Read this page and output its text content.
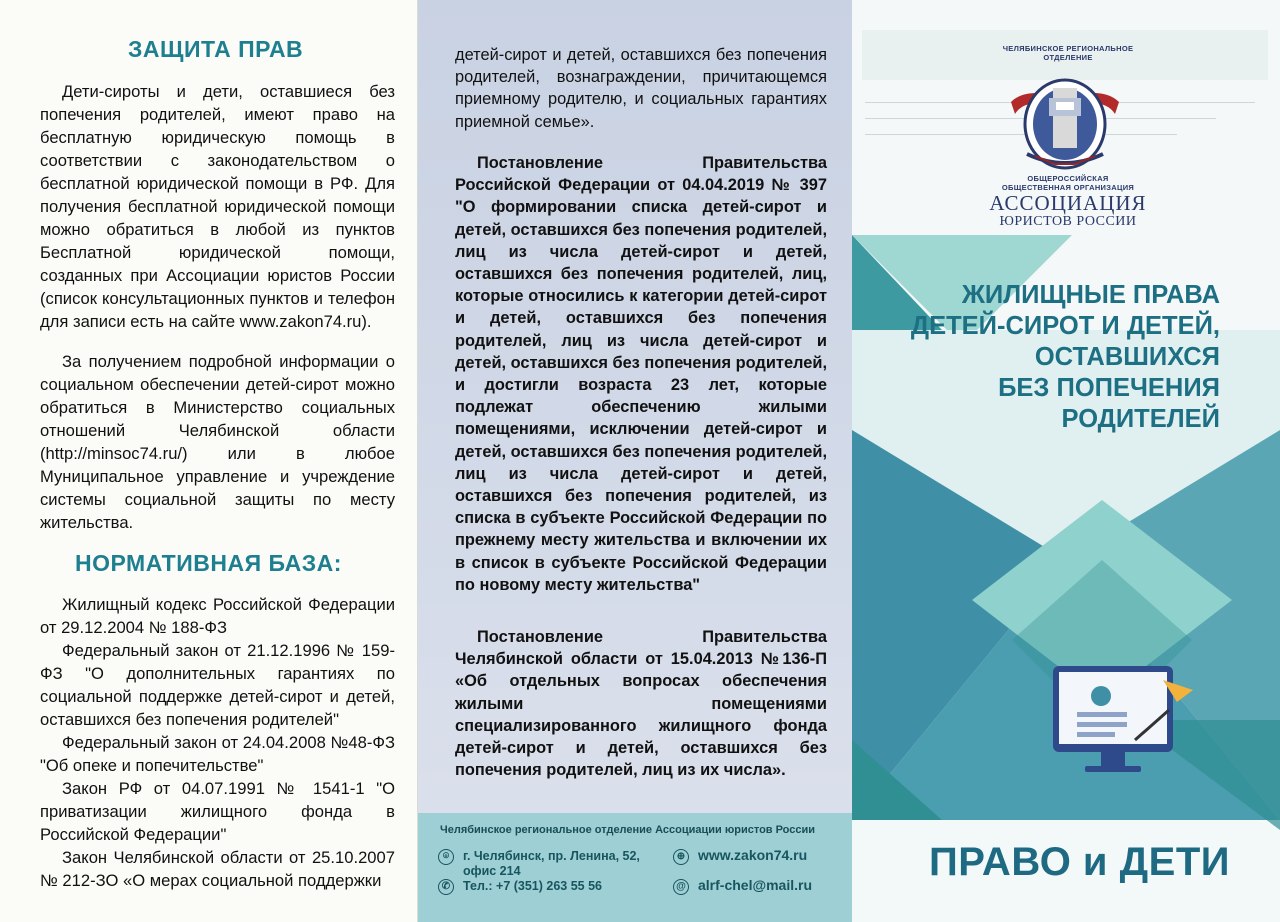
ЗАЩИТА ПРАВ

Дети-сироты и дети, оставшиеся без попечения родителей, имеют право на бесплатную юридическую помощь в соответствии с законодательством о бесплатной юридической помощи в РФ. Для получения бесплатной юридической помощи можно обратиться в любой из пунктов Бесплатной юридической помощи, созданных при Ассоциации юристов России (список консультационных пунктов и телефон для записи есть на сайте www.zakon74.ru).

За получением подробной информации о социальном обеспечении детей-сирот можно обратиться в Министерство социальных отношений Челябинской области (http://minsoc74.ru/) или в любое Муниципальное управление и учреждение системы социальной защиты по месту жительства.

НОРМАТИВНАЯ БАЗА:

Жилищный кодекс Российской Федерации от 29.12.2004 № 188-ФЗ

Федеральный закон от 21.12.1996 № 159-ФЗ "О дополнительных гарантиях по социальной поддержке детей-сирот и детей, оставшихся без попечения родителей"

Федеральный закон от 24.04.2008 №48-ФЗ "Об опеке и попечительстве"

Закон РФ от 04.07.1991 № 1541-1 "О приватизации жилищного фонда в Российской Федерации"

Закон Челябинской области от 25.10.2007 № 212-ЗО «О мерах социальной поддержки

детей-сирот и детей, оставшихся без попечения родителей, вознаграждении, причитающемся приемному родителю, и социальных гарантиях приемной семье».

Постановление Правительства Российской Федерации от 04.04.2019 № 397 "О формировании списка детей-сирот и детей, оставшихся без попечения родителей, лиц из числа детей-сирот и детей, оставшихся без попечения родителей, лиц, которые относились к категории детей-сирот и детей, оставшихся без попечения родителей, лиц из числа детей-сирот и детей, оставшихся без попечения родителей, и достигли возраста 23 лет, которые подлежат обеспечению жилыми помещениями, исключении детей-сирот и детей, оставшихся без попечения родителей, лиц из числа детей-сирот и детей, оставшихся без попечения родителей, из списка в субъекте Российской Федерации по прежнему месту жительства и включении их в список в субъекте Российской Федерации по новому месту жительства"

Постановление Правительства Челябинской области от 15.04.2013 №136-П «Об отдельных вопросах обеспечения жилыми помещениями специализированного жилищного фонда детей-сирот и детей, оставшихся без попечения родителей, лиц из их числа».

Челябинское региональное отделение Ассоциации юристов России
⌾	г. Челябинск, пр. Ленина, 52,
офис 214
✆	Тел.: +7 (351) 263 55 56
⊕ www.zakon74.ru
@ alrf-chel@mail.ru
ЧЕЛЯБИНСКОЕ РЕГИОНАЛЬНОЕ
ОТДЕЛЕНИЕ
ОБЩЕРОССИЙСКАЯ
ОБЩЕСТВЕННАЯ ОРГАНИЗАЦИЯ
АССОЦИАЦИЯ
ЮРИСТОВ РОССИИ
ЖИЛИЩНЫЕ ПРАВА
ДЕТЕЙ-СИРОТ И ДЕТЕЙ,
ОСТАВШИХСЯ
БЕЗ ПОПЕЧЕНИЯ
РОДИТЕЛЕЙ
ПРАВО и ДЕТИ
